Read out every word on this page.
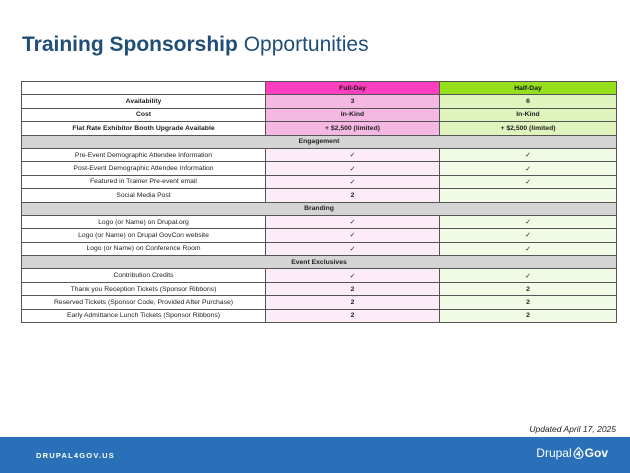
Training Sponsorship Opportunities
	Full-Day	Half-Day
Availability	3	6
Cost	In-Kind	In-Kind
Flat Rate Exhibitor Booth Upgrade Available	+ $2,500 (limited)	+ $2,500 (limited)
Engagement		
Pre-Event Demographic Attendee Information	✓	✓
Post-Event Demographic Attendee Information	✓	✓
Featured in Trainer Pre-event email	✓	✓
Social Media Post	2	
Branding		
Logo (or Name) on Drupal.org	✓	✓
Logo (or Name) on Drupal GovCon website	✓	✓
Logo (or Name) on Conference Room	✓	✓
Event Exclusives		
Contribution Credits	✓	✓
Thank you Reception Tickets (Sponsor Ribbons)	2	2
Reserved Tickets (Sponsor Code, Provided After Purchase)	2	2
Early Admittance Lunch Tickets (Sponsor Ribbons)	2	2
Updated April 17, 2025
DRUPAL4GOV.US	Drupal Gov
